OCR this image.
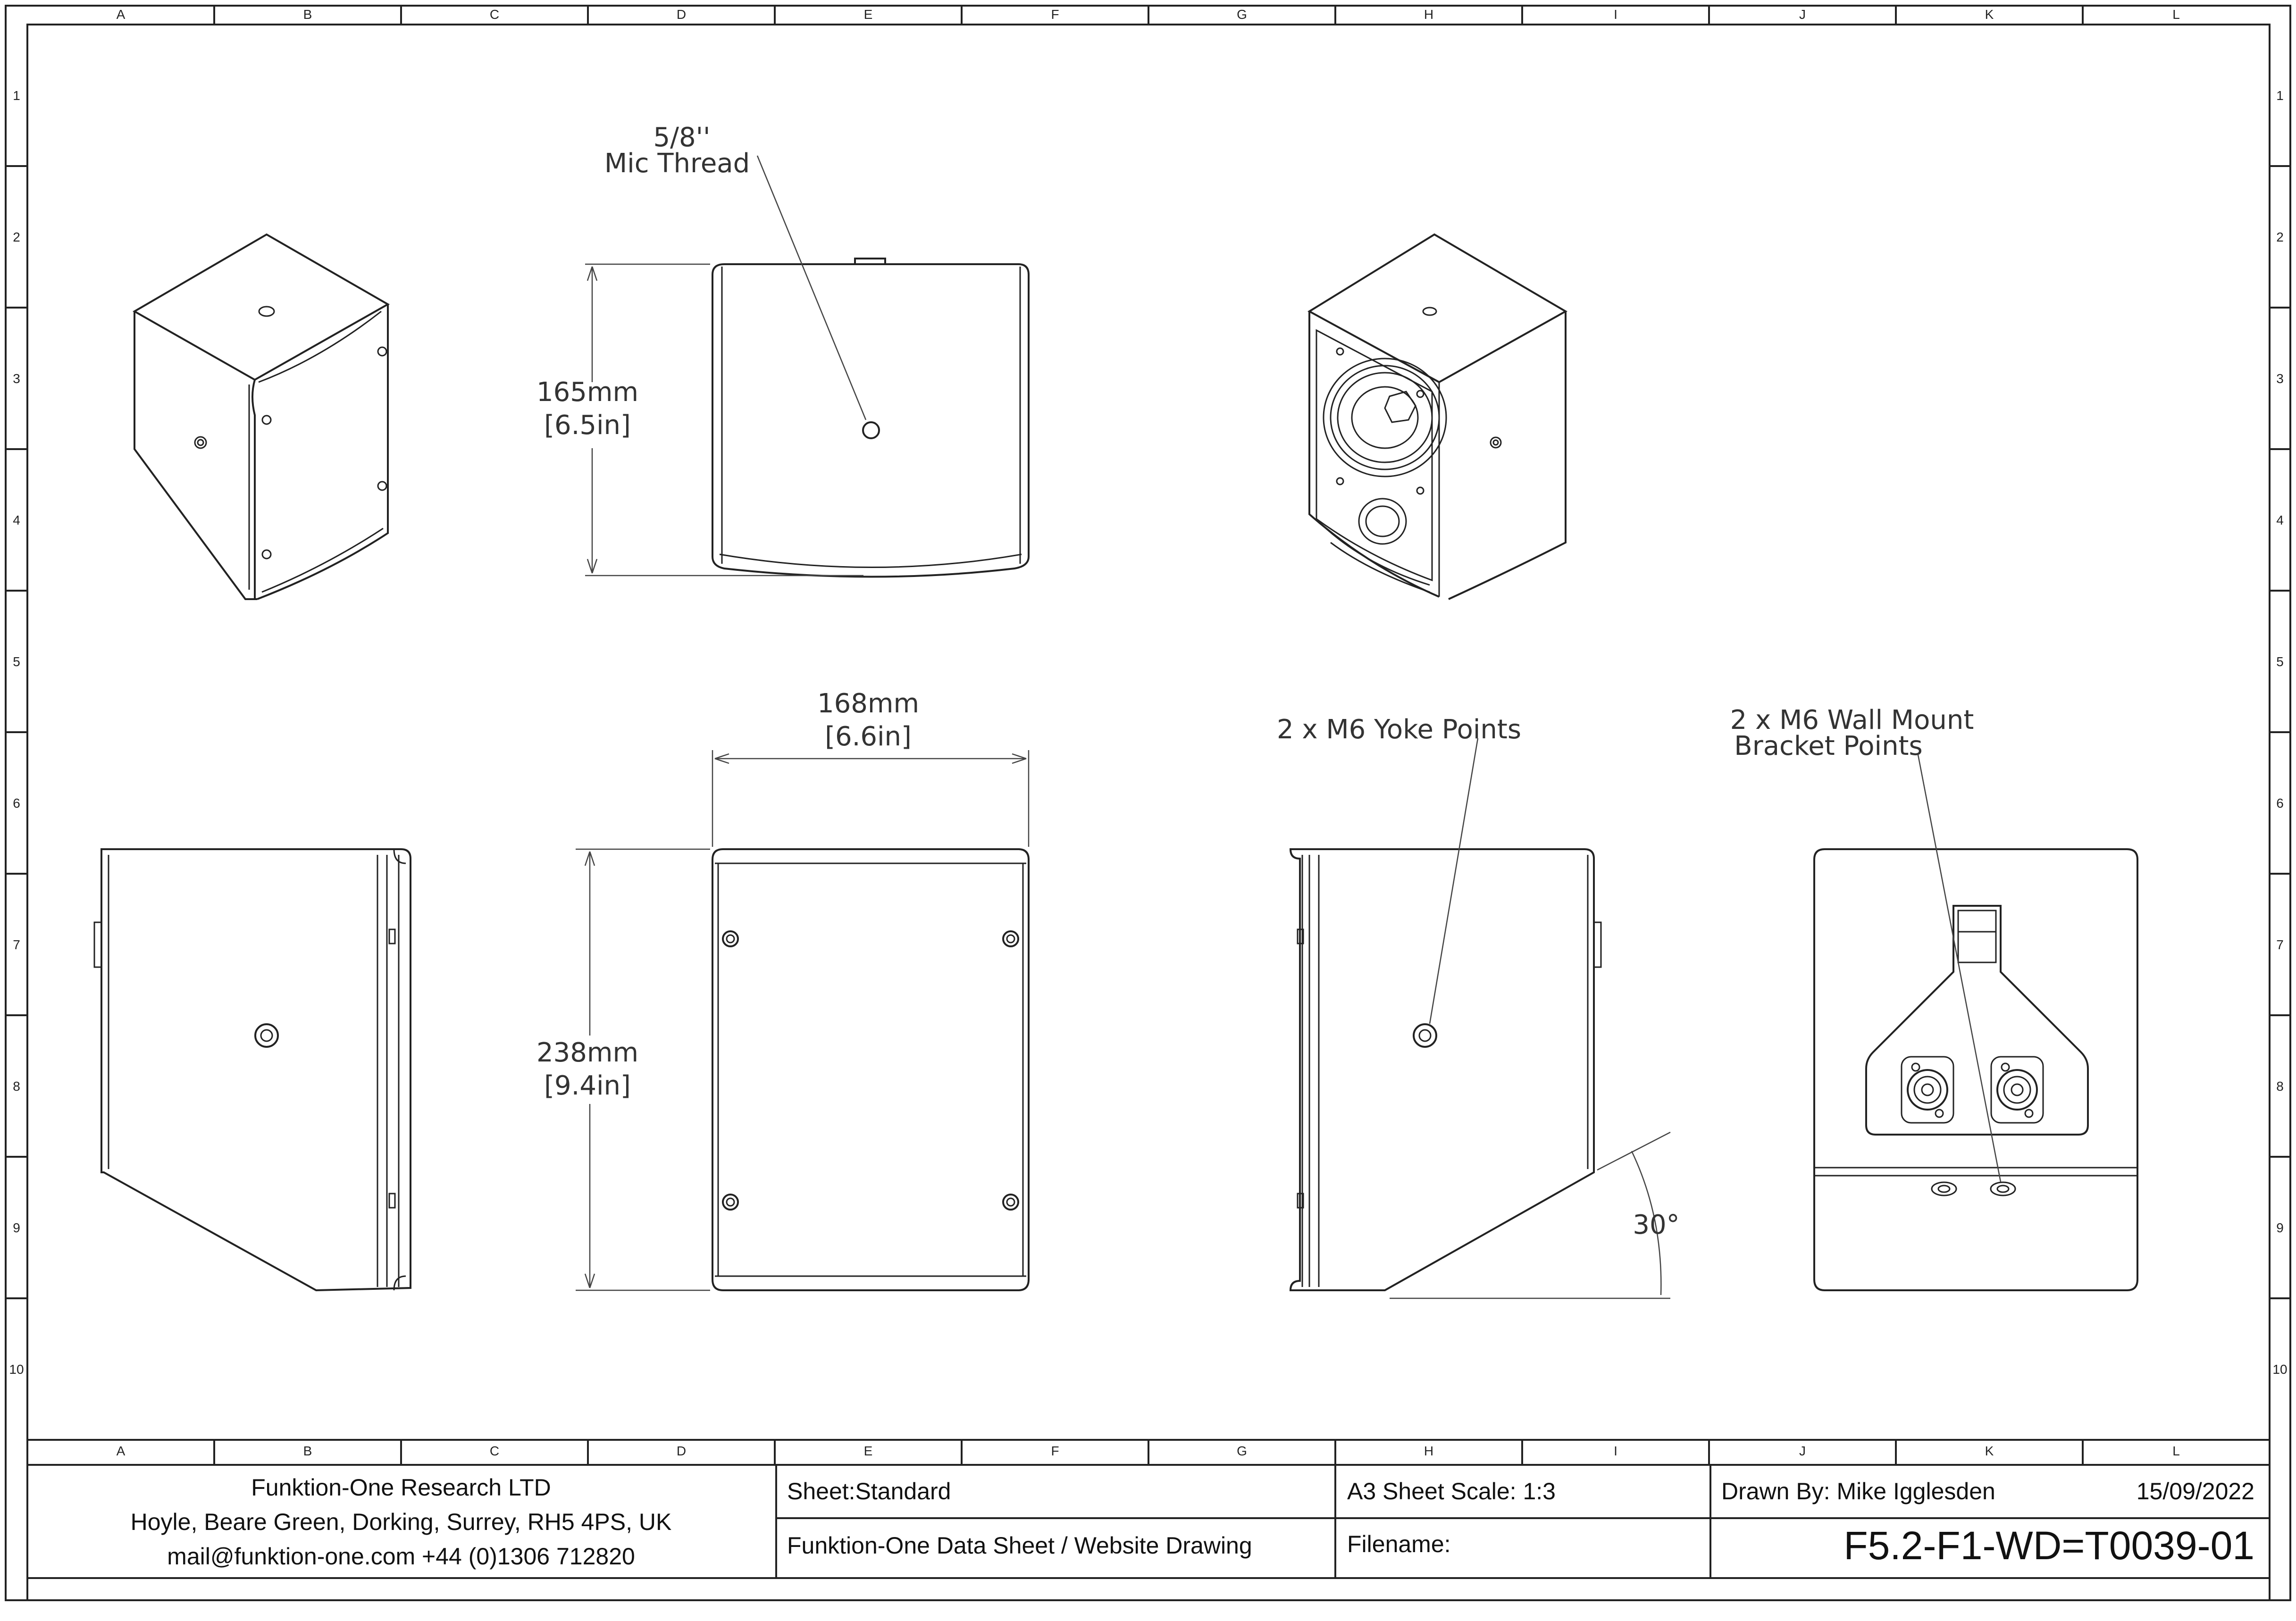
A	B	C	D	E	F	G	H	I	J	K	L
A	B	C	D	E	F	G	H	I	J	K	L
1
2
3
4
5
6
7
8
9
10
1
2
3
4
5
6
7
8
9
10
5/8''
Mic Thread
165mm
[6.5in]
168mm
[6.6in]
238mm
[9.4in]
2 x M6 Yoke Points
30°
2 x M6 Wall Mount
Bracket Points
Funktion-One Research LTD
Hoyle, Beare Green, Dorking, Surrey, RH5 4PS, UK
mail@funktion-one.com +44 (0)1306 712820
Sheet:Standard
Funktion-One Data Sheet / Website Drawing
A3 Sheet Scale: 1:3
Filename:
Drawn By: Mike Igglesden	15/09/2022
F5.2-F1-WD=T0039-01
